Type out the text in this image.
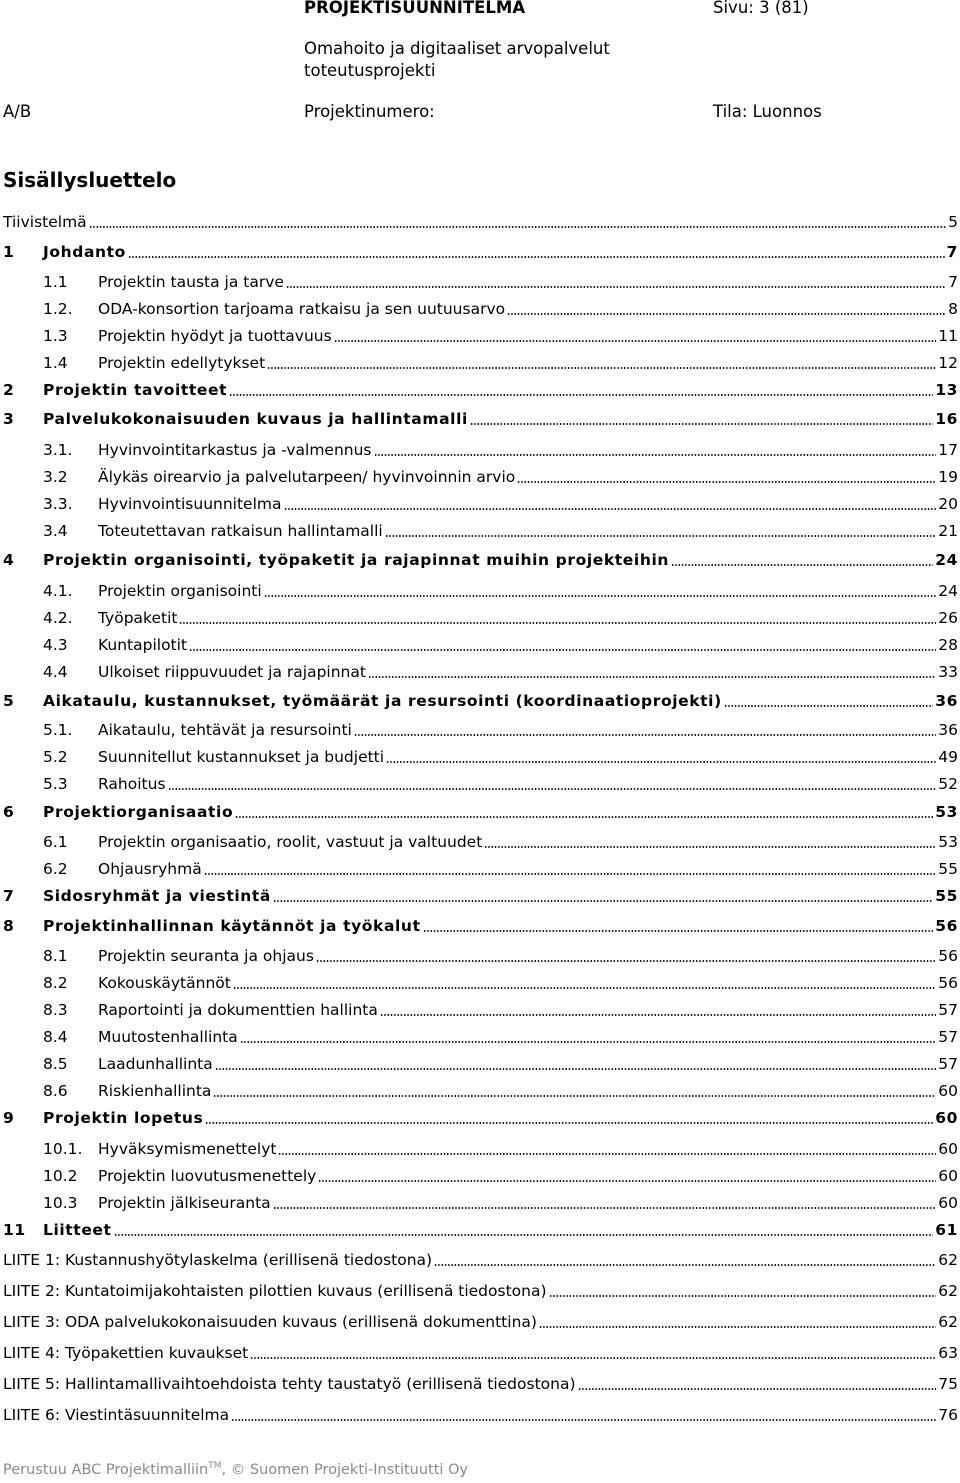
PROJEKTISUUNNITELMA	Sivu: 3 (81)
Omahoito ja digitaaliset arvopalvelut toteutusprojekti
A/B	Projektinumero:	Tila: Luonnos
Sisällysluettelo
Tiivistelmä	5
1	Johdanto	7
1.1	Projektin tausta ja tarve	7
1.2.	ODA-konsortion tarjoama ratkaisu ja sen uutuusarvo	8
1.3	Projektin hyödyt ja tuottavuus	11
1.4	Projektin edellytykset	12
2	Projektin tavoitteet	13
3	Palvelukokonaisuuden kuvaus ja hallintamalli	16
3.1.	Hyvinvointitarkastus ja -valmennus	17
3.2	Älykäs oirearvio ja palvelutarpeen/ hyvinvoinnin arvio	19
3.3.	Hyvinvointisuunnitelma	20
3.4	Toteutettavan ratkaisun hallintamalli	21
4	Projektin organisointi, työpaketit ja rajapinnat muihin projekteihin	24
4.1.	Projektin organisointi	24
4.2.	Työpaketit	26
4.3	Kuntapilotit	28
4.4	Ulkoiset riippuvuudet ja rajapinnat	33
5	Aikataulu, kustannukset, työmäärät ja resursointi (koordinaatioprojekti)	36
5.1.	Aikataulu, tehtävät ja resursointi	36
5.2	Suunnitellut kustannukset ja budjetti	49
5.3	Rahoitus	52
6	Projektiorganisaatio	53
6.1	Projektin organisaatio, roolit, vastuut ja valtuudet	53
6.2	Ohjausryhmä	55
7	Sidosryhmät ja viestintä	55
8	Projektinhallinnan käytännöt ja työkalut	56
8.1	Projektin seuranta ja ohjaus	56
8.2	Kokouskäytännöt	56
8.3	Raportointi ja dokumenttien hallinta	57
8.4	Muutostenhallinta	57
8.5	Laadunhallinta	57
8.6	Riskienhallinta	60
9	Projektin lopetus	60
10.1.	Hyväksymismenettelyt	60
10.2	Projektin luovutusmenettely	60
10.3	Projektin jälkiseuranta	60
11	Liitteet	61
LIITE 1: Kustannushyötylaskelma (erillisenä tiedostona)	62
LIITE 2: Kuntatoimijakohtaisten pilottien kuvaus (erillisenä tiedostona)	62
LIITE 3: ODA palvelukokonaisuuden kuvaus (erillisenä dokumenttina)	62
LIITE 4: Työpakettien kuvaukset	63
LIITE 5: Hallintamallivaihtoehdoista tehty taustatyö (erillisenä tiedostona)	75
LIITE 6: Viestintäsuunnitelma	76
Perustuu ABC Projektimalliin™, © Suomen Projekti-Instituutti Oy
